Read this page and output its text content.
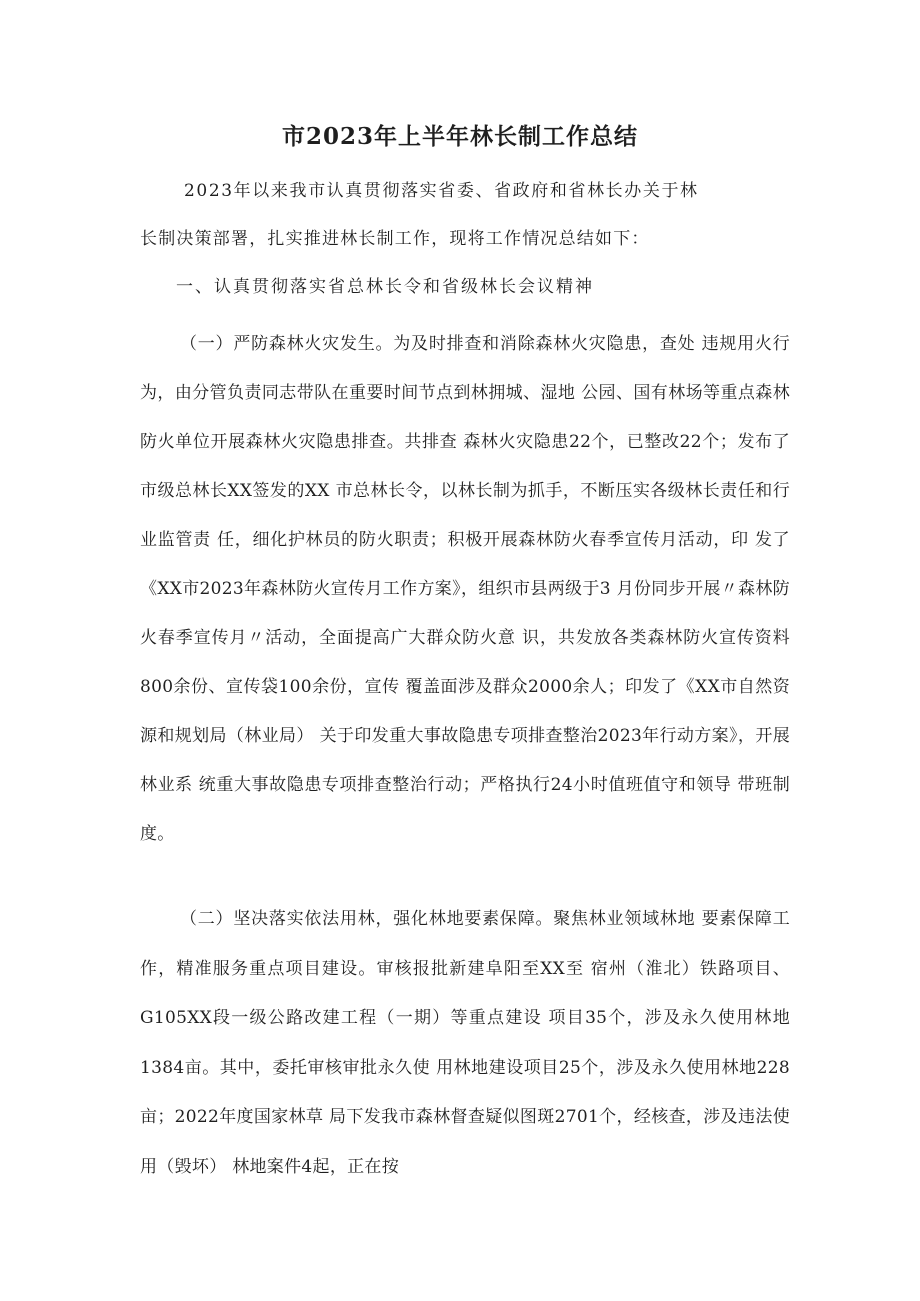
市2023年上半年林长制工作总结

2023年以来我市认真贯彻落实省委、省政府和省林长办关于林

长制决策部署，扎实推进林长制工作，现将工作情况总结如下：

一、认真贯彻落实省总林长令和省级林长会议精神

（一）严防森林火灾发生。为及时排查和消除森林火灾隐患，查处 违规用火行为，由分管负责同志带队在重要时间节点到林拥城、湿地 公园、国有林场等重点森林防火单位开展森林火灾隐患排查。共排查 森林火灾隐患22个，已整改22个；发布了市级总林长XX签发的XX 市总林长令，以林长制为抓手，不断压实各级林长责任和行业监管责 任，细化护林员的防火职责；积极开展森林防火春季宣传月活动，印 发了《XX市2023年森林防火宣传月工作方案》，组织市县两级于3 月份同步开展〃森林防火春季宣传月〃活动，全面提高广大群众防火意 识，共发放各类森林防火宣传资料800余份、宣传袋100余份，宣传 覆盖面涉及群众2000余人；印发了《XX市自然资源和规划局（林业局） 关于印发重大事故隐患专项排查整治2023年行动方案》，开展林业系 统重大事故隐患专项排查整治行动；严格执行24小时值班值守和领导 带班制度。

（二）坚决落实依法用林，强化林地要素保障。聚焦林业领域林地 要素保障工作，精准服务重点项目建设。审核报批新建阜阳至XX至 宿州（淮北）铁路项目、G105XX段一级公路改建工程（一期）等重点建设 项目35个，涉及永久使用林地1384亩。其中，委托审核审批永久使 用林地建设项目25个，涉及永久使用林地228亩；2022年度国家林草 局下发我市森林督查疑似图斑2701个，经核查，涉及违法使用（毁坏） 林地案件4起，正在按
